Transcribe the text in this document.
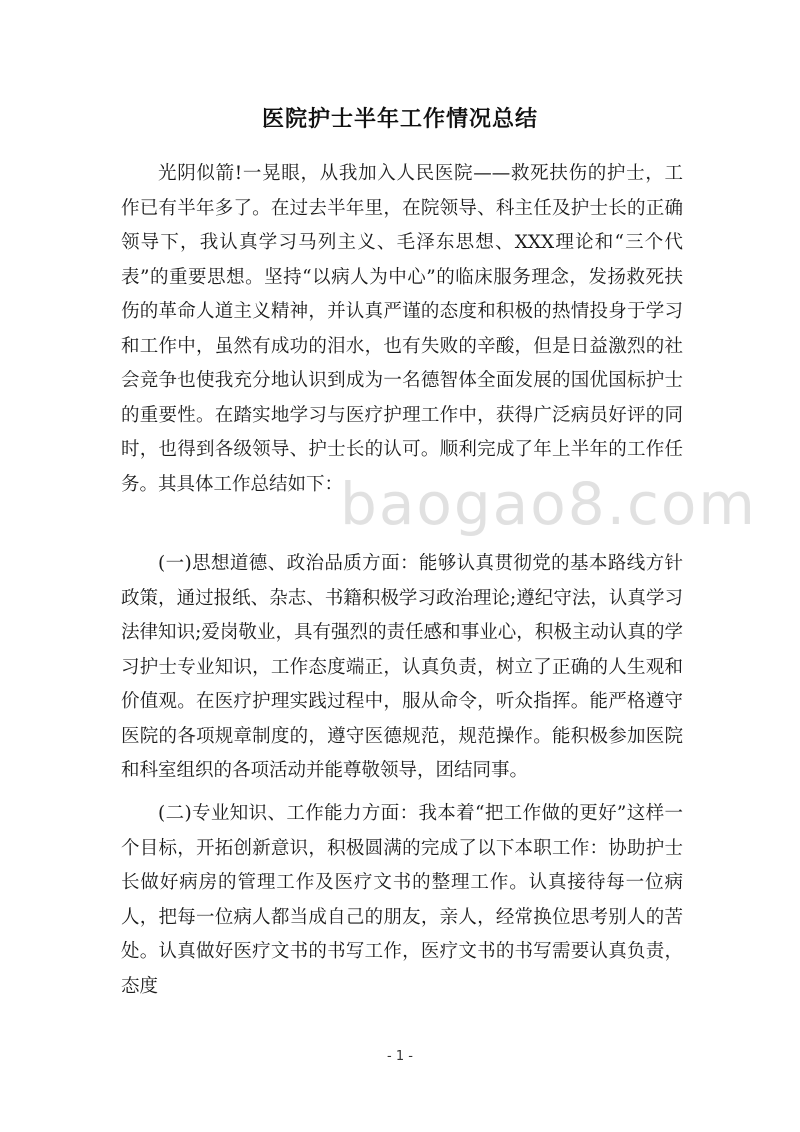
医院护士半年工作情况总结

光阴似箭!一晃眼，从我加入人民医院——救死扶伤的护士，工作已有半年多了。在过去半年里，在院领导、科主任及护士长的正确领导下，我认真学习马列主义、毛泽东思想、XXX理论和“三个代表”的重要思想。坚持“以病人为中心”的临床服务理念，发扬救死扶伤的革命人道主义精神，并认真严谨的态度和积极的热情投身于学习和工作中，虽然有成功的泪水，也有失败的辛酸，但是日益激烈的社会竞争也使我充分地认识到成为一名德智体全面发展的国优国标护士的重要性。在踏实地学习与医疗护理工作中，获得广泛病员好评的同时，也得到各级领导、护士长的认可。顺利完成了年上半年的工作任务。其具体工作总结如下：

baogao8.com

(一)思想道德、政治品质方面：能够认真贯彻党的基本路线方针政策，通过报纸、杂志、书籍积极学习政治理论;遵纪守法，认真学习法律知识;爱岗敬业，具有强烈的责任感和事业心，积极主动认真的学习护士专业知识，工作态度端正，认真负责，树立了正确的人生观和价值观。在医疗护理实践过程中，服从命令，听众指挥。能严格遵守医院的各项规章制度的，遵守医德规范，规范操作。能积极参加医院和科室组织的各项活动并能尊敬领导，团结同事。

(二)专业知识、工作能力方面：我本着“把工作做的更好”这样一个目标，开拓创新意识，积极圆满的完成了以下本职工作：协助护士长做好病房的管理工作及医疗文书的整理工作。认真接待每一位病人，把每一位病人都当成自己的朋友，亲人，经常换位思考别人的苦处。认真做好医疗文书的书写工作，医疗文书的书写需要认真负责，态度

- 1 -
